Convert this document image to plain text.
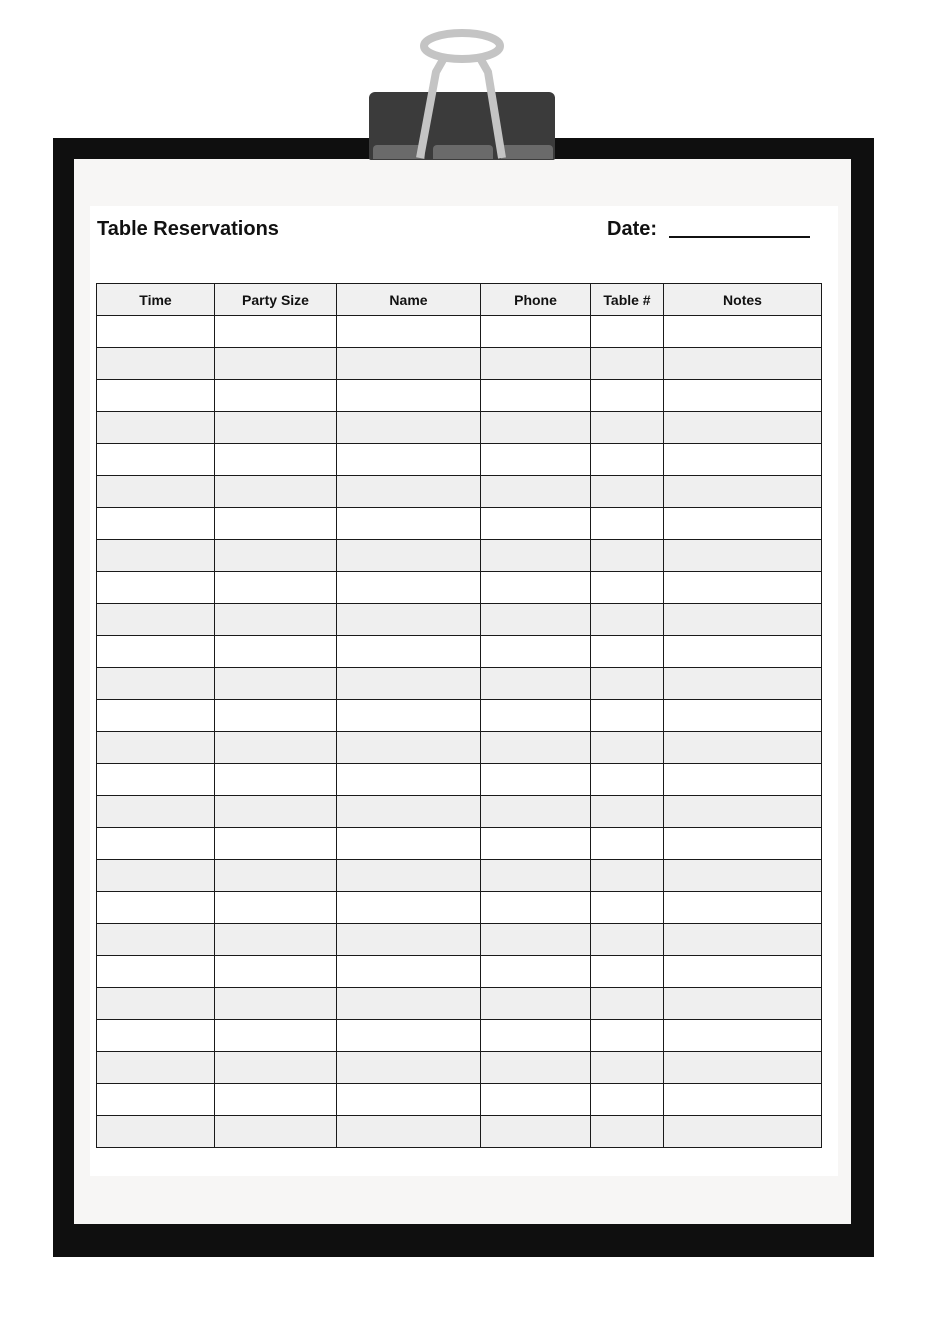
Table Reservations	Date:
Time	Party Size	Name	Phone	Table #	Notes
